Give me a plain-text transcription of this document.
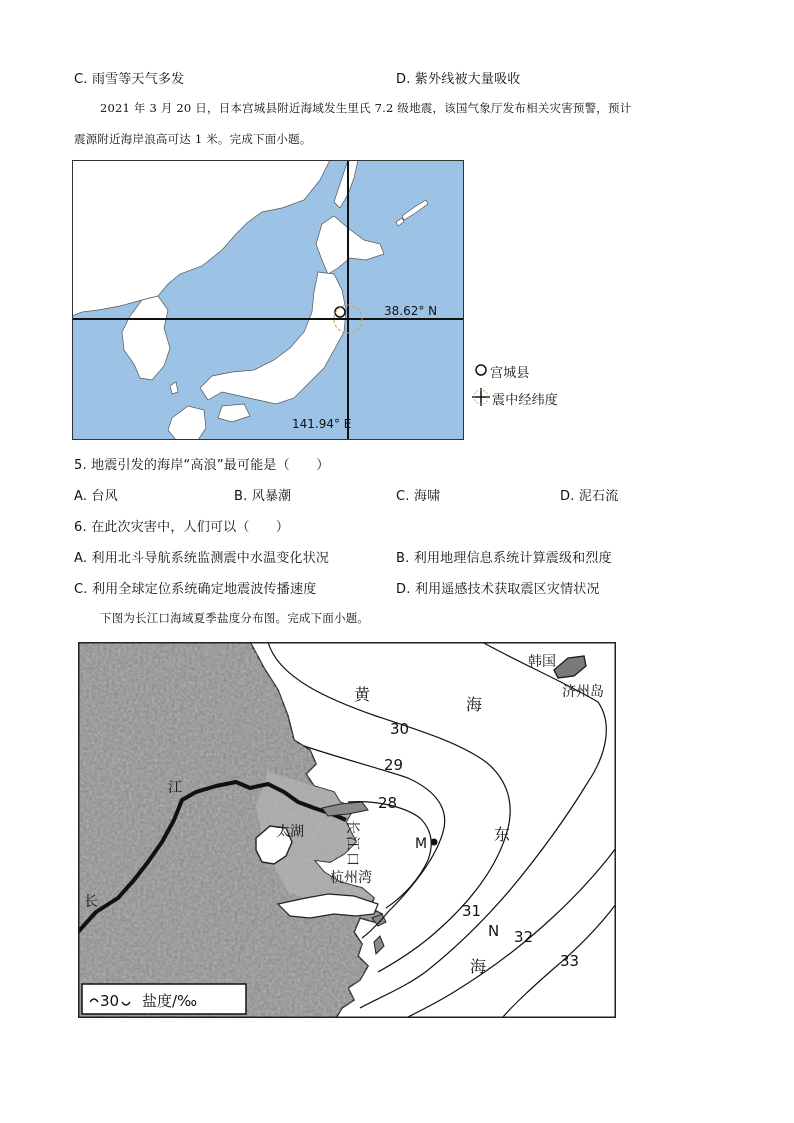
C. 雨雪等天气多发	D. 紫外线被大量吸收
2021 年 3 月 20 日，日本宫城县附近海域发生里氏 7.2 级地震，该国气象厅发布相关灾害预警，预计
震源附近海岸浪高可达 1 米。完成下面小题。
38.62° N
141.94° E
宫城县
震中经纬度
5. 地震引发的海岸“高浪”最可能是（　　）
A. 台风	B. 风暴潮	C. 海啸	D. 泥石流
6. 在此次灾害中，人们可以（　　）
A. 利用北斗导航系统监测震中水温变化状况	B. 利用地理信息系统计算震级和烈度
C. 利用全球定位系统确定地震波传播速度	D. 利用遥感技术获取震区灾情状况
下图为长江口海域夏季盐度分布图。完成下面小题。
韩国
济州岛
黄
海
东
海
太湖
杭州湾
江
长
M
N
长江口
30
29
28
31
32
33
30 盐度/‰
